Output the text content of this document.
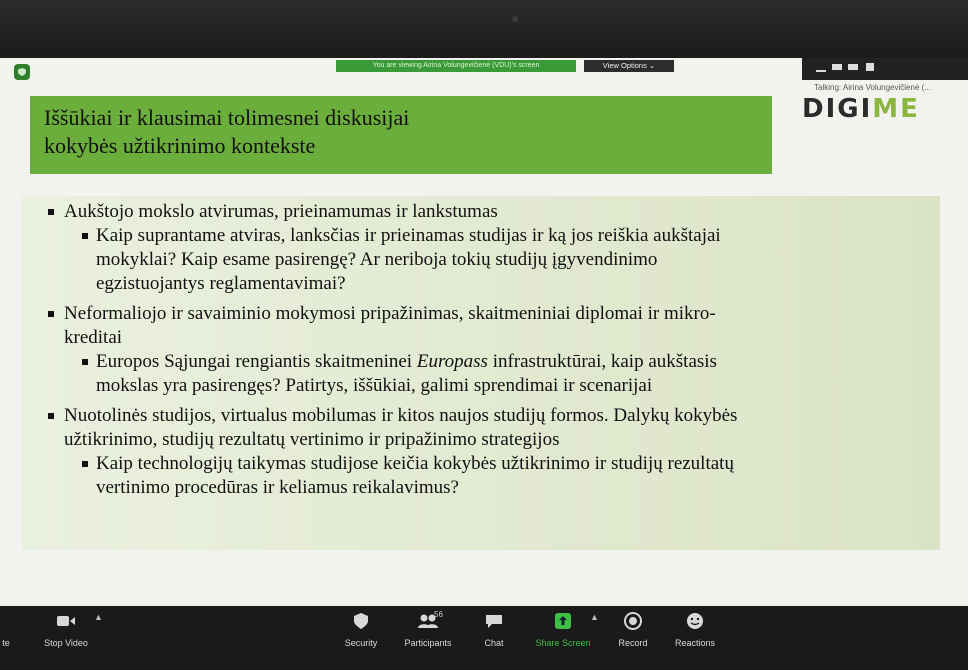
You are viewing Airina Volungevičienė (VDU)'s screen	View Options ⌄
Talking: Airina Volungevičienė (...
DIGIME
Iššūkiai ir klausimai tolimesnei diskusijai
kokybės užtikrinimo kontekste
Aukštojo mokslo atvirumas, prieinamumas ir lankstumas
Kaip suprantame atviras, lanksčias ir prieinamas studijas ir ką jos reiškia aukštajai
mokyklai? Kaip esame pasirengę? Ar neriboja tokių studijų įgyvendinimo
egzistuojantys reglamentavimai?
Neformaliojo ir savaiminio mokymosi pripažinimas, skaitmeniniai diplomai ir mikro-
kreditai
Europos Sąjungai rengiantis skaitmeninei Europass infrastruktūrai, kaip aukštasis
mokslas yra pasirengęs? Patirtys, iššūkiai, galimi sprendimai ir scenarijai
Nuotolinės studijos, virtualus mobilumas ir kitos naujos studijų formos. Dalykų kokybės
užtikrinimo, studijų rezultatų vertinimo ir pripažinimo strategijos
Kaip technologijų taikymas studijose keičia kokybės užtikrinimo ir studijų rezultatų
vertinimo procedūras ir keliamus reikalavimus?
te	Stop Video
▲
Security
56
Participants	Chat	Share Screen
▲
Record	Reactions
